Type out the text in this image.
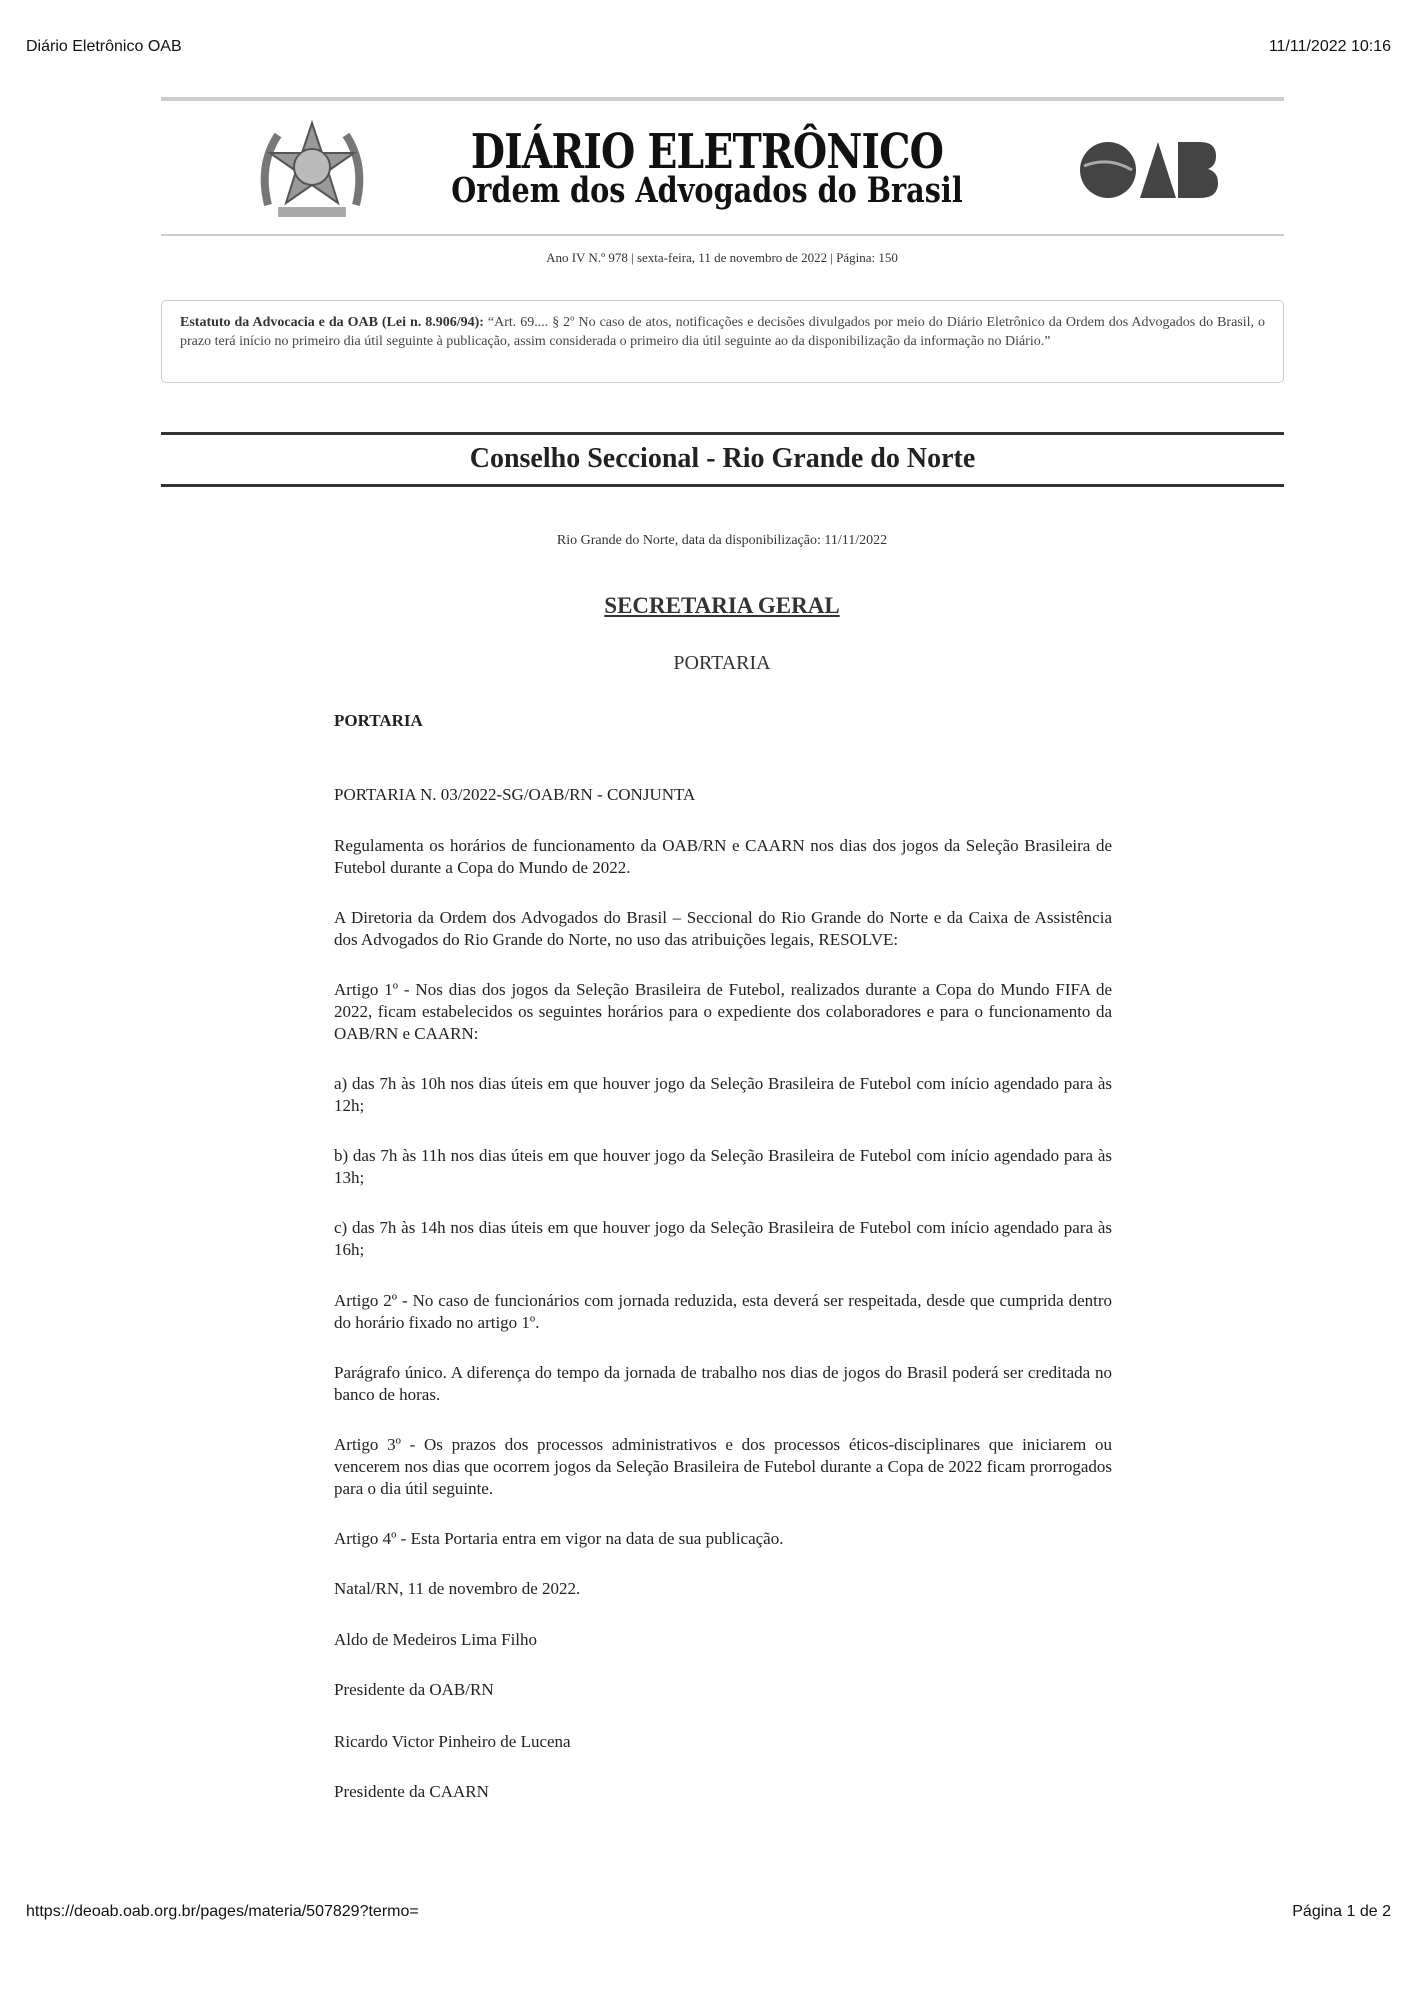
Diário Eletrônico OAB	11/11/2022 10:16
DIÁRIO ELETRÔNICO
Ordem dos Advogados do Brasil
Ano IV N.º 978 | sexta-feira, 11 de novembro de 2022 | Página: 150
Estatuto da Advocacia e da OAB (Lei n. 8.906/94): “Art. 69.... § 2º No caso de atos, notificações e decisões divulgados por meio do Diário Eletrônico da Ordem dos Advogados do Brasil, o prazo terá início no primeiro dia útil seguinte à publicação, assim considerada o primeiro dia útil seguinte ao da disponibilização da informação no Diário.”
Conselho Seccional - Rio Grande do Norte
Rio Grande do Norte, data da disponibilização: 11/11/2022
SECRETARIA GERAL
PORTARIA
PORTARIA
PORTARIA N. 03/2022-SG/OAB/RN - CONJUNTA
Regulamenta os horários de funcionamento da OAB/RN e CAARN nos dias dos jogos da Seleção Brasileira de Futebol durante a Copa do Mundo de 2022.
A Diretoria da Ordem dos Advogados do Brasil – Seccional do Rio Grande do Norte e da Caixa de Assistência dos Advogados do Rio Grande do Norte, no uso das atribuições legais, RESOLVE:
Artigo 1º - Nos dias dos jogos da Seleção Brasileira de Futebol, realizados durante a Copa do Mundo FIFA de 2022, ficam estabelecidos os seguintes horários para o expediente dos colaboradores e para o funcionamento da OAB/RN e CAARN:
a) das 7h às 10h nos dias úteis em que houver jogo da Seleção Brasileira de Futebol com início agendado para às 12h;
b) das 7h às 11h nos dias úteis em que houver jogo da Seleção Brasileira de Futebol com início agendado para às 13h;
c) das 7h às 14h nos dias úteis em que houver jogo da Seleção Brasileira de Futebol com início agendado para às 16h;
Artigo 2º - No caso de funcionários com jornada reduzida, esta deverá ser respeitada, desde que cumprida dentro do horário fixado no artigo 1º.
Parágrafo único. A diferença do tempo da jornada de trabalho nos dias de jogos do Brasil poderá ser creditada no banco de horas.
Artigo 3º - Os prazos dos processos administrativos e dos processos éticos-disciplinares que iniciarem ou vencerem nos dias que ocorrem jogos da Seleção Brasileira de Futebol durante a Copa de 2022 ficam prorrogados para o dia útil seguinte.
Artigo 4º - Esta Portaria entra em vigor na data de sua publicação.
Natal/RN, 11 de novembro de 2022.
Aldo de Medeiros Lima Filho
Presidente da OAB/RN
Ricardo Victor Pinheiro de Lucena
Presidente da CAARN
https://deoab.oab.org.br/pages/materia/507829?termo=	Página 1 de 2
